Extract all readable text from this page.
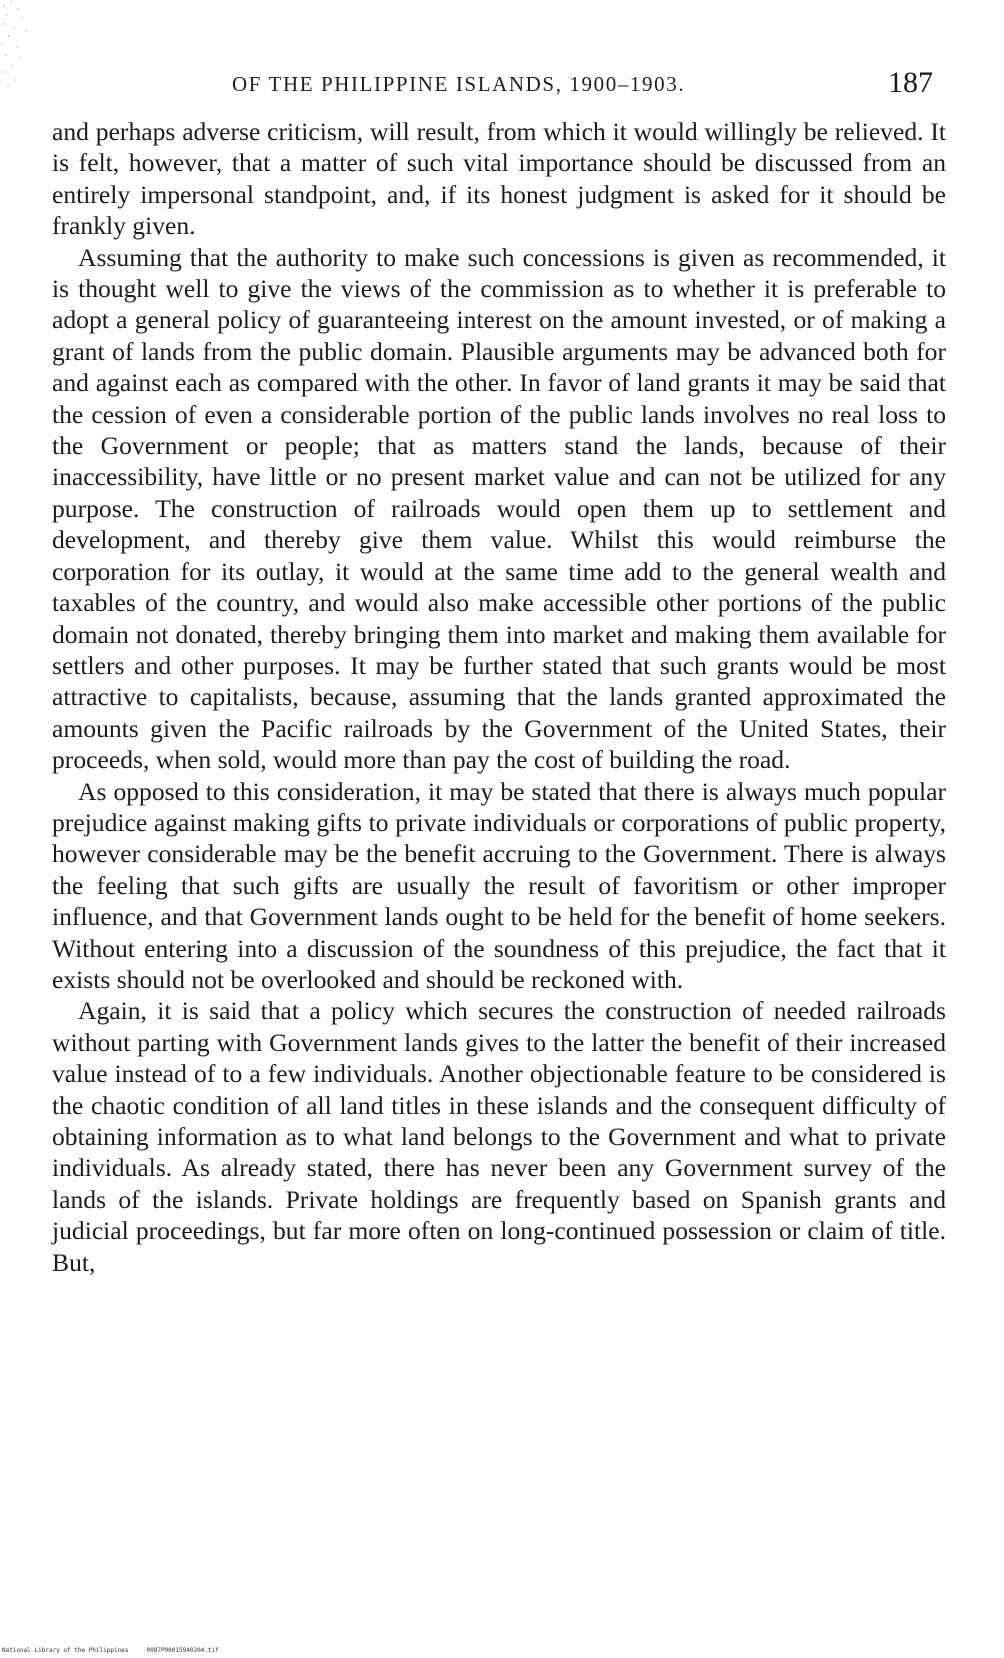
OF THE PHILIPPINE ISLANDS, 1900–1903.	187

and perhaps adverse criticism, will result, from which it would willingly be relieved. It is felt, however, that a matter of such vital importance should be discussed from an entirely impersonal standpoint, and, if its honest judgment is asked for it should be frankly given.

Assuming that the authority to make such concessions is given as recommended, it is thought well to give the views of the commission as to whether it is preferable to adopt a general policy of guaranteeing interest on the amount invested, or of making a grant of lands from the public domain. Plausible arguments may be advanced both for and against each as compared with the other. In favor of land grants it may be said that the cession of even a considerable portion of the public lands involves no real loss to the Government or people; that as matters stand the lands, because of their inaccessibility, have little or no present market value and can not be utilized for any purpose. The construction of railroads would open them up to settlement and development, and thereby give them value. Whilst this would reimburse the corporation for its outlay, it would at the same time add to the general wealth and taxables of the country, and would also make accessible other portions of the public domain not donated, thereby bringing them into market and making them available for settlers and other purposes. It may be further stated that such grants would be most attractive to capitalists, because, assuming that the lands granted approximated the amounts given the Pacific railroads by the Government of the United States, their proceeds, when sold, would more than pay the cost of building the road.

As opposed to this consideration, it may be stated that there is always much popular prejudice against making gifts to private individuals or corporations of public property, however considerable may be the benefit accruing to the Government. There is always the feeling that such gifts are usually the result of favoritism or other improper influence, and that Government lands ought to be held for the benefit of home seekers. Without entering into a discussion of the soundness of this prejudice, the fact that it exists should not be overlooked and should be reckoned with.

Again, it is said that a policy which secures the construction of needed railroads without parting with Government lands gives to the latter the benefit of their increased value instead of to a few individuals. Another objectionable feature to be considered is the chaotic condition of all land titles in these islands and the consequent difficulty of obtaining information as to what land belongs to the Government and what to private individuals. As already stated, there has never been any Government survey of the lands of the islands. Private holdings are frequently based on Spanish grants and judicial proceedings, but far more often on long-continued possession or claim of title. But,

National Library of the Philippines     0087P00015940204.tif
